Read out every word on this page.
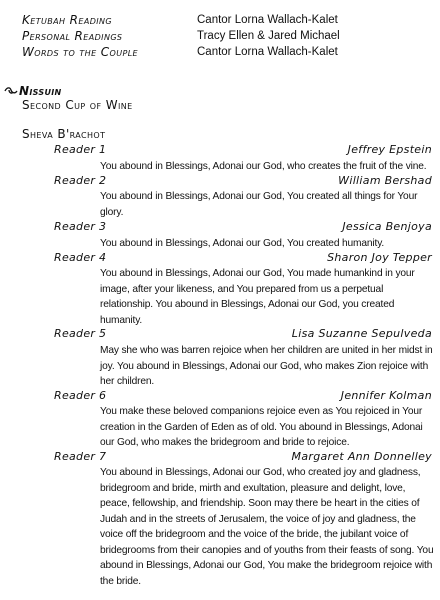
Ketubah Reading	Cantor Lorna Wallach-Kalet
Personal Readings	Tracy Ellen & Jared Michael
Words to the Couple	Cantor Lorna Wallach-Kalet
Nissuin
Second Cup of Wine
Sheva B'rachot
Reader 1	Jeffrey Epstein
You abound in Blessings, Adonai our God, who creates the fruit of the vine.
Reader 2	William Bershad
You abound in Blessings, Adonai our God, You created all things for Your glory.
Reader 3	Jessica Benjoya
You abound in Blessings, Adonai our God, You created humanity.
Reader 4	Sharon Joy Tepper
You abound in Blessings, Adonai our God, You made humankind in your image, after your likeness, and You prepared from us a perpetual relationship. You abound in Blessings, Adonai our God, you created humanity.
Reader 5	Lisa Suzanne Sepulveda
May she who was barren rejoice when her children are united in her midst in joy. You abound in Blessings, Adonai our God, who makes Zion rejoice with her children.
Reader 6	Jennifer Kolman
You make these beloved companions rejoice even as You rejoiced in Your creation in the Garden of Eden as of old. You abound in Blessings, Adonai our God, who makes the bridegroom and bride to rejoice.
Reader 7	Margaret Ann Donnelley
You abound in Blessings, Adonai our God, who created joy and gladness, bridegroom and bride, mirth and exultation, pleasure and delight, love, peace, fellowship, and friendship. Soon may there be heart in the cities of Judah and in the streets of Jerusalem, the voice of joy and gladness, the voice off the bridegroom and the voice of the bride, the jubilant voice of bridegrooms from their canopies and of youths from their feasts of song. You abound in Blessings, Adonai our God, You make the bridegroom rejoice with the bride.
